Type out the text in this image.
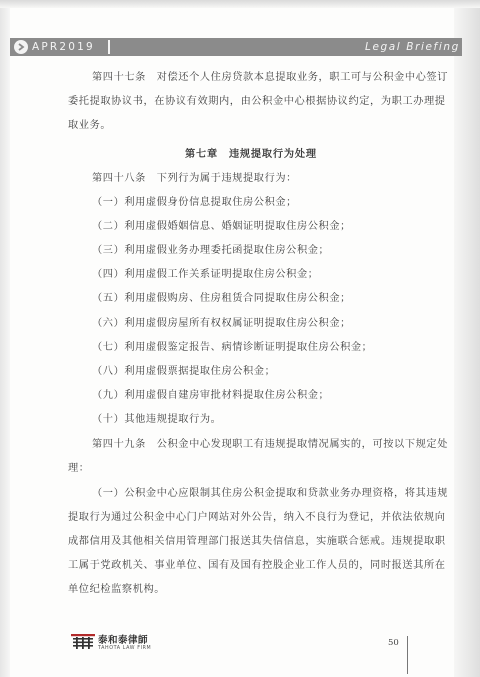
APR2019	Legal Briefing
第四十七条　对偿还个人住房贷款本息提取业务，职工可与公积金中心签订
委托提取协议书，在协议有效期内，由公积金中心根据协议约定，为职工办理提
取业务。
第七章　违规提取行为处理
第四十八条　下列行为属于违规提取行为：
（一）利用虚假身份信息提取住房公积金；
（二）利用虚假婚姻信息、婚姻证明提取住房公积金；
（三）利用虚假业务办理委托函提取住房公积金；
（四）利用虚假工作关系证明提取住房公积金；
（五）利用虚假购房、住房租赁合同提取住房公积金；
（六）利用虚假房屋所有权权属证明提取住房公积金；
（七）利用虚假鉴定报告、病情诊断证明提取住房公积金；
（八）利用虚假票据提取住房公积金；
（九）利用虚假自建房审批材料提取住房公积金；
（十）其他违规提取行为。
第四十九条　公积金中心发现职工有违规提取情况属实的，可按以下规定处
理：
（一）公积金中心应限制其住房公积金提取和贷款业务办理资格，将其违规
提取行为通过公积金中心门户网站对外公告，纳入不良行为登记，并依法依规向
成都信用及其他相关信用管理部门报送其失信信息，实施联合惩戒。违规提取职
工属于党政机关、事业单位、国有及国有控股企业工作人员的，同时报送其所在
单位纪检监察机构。
泰和泰律師
TAHOTA LAW FIRM
50
